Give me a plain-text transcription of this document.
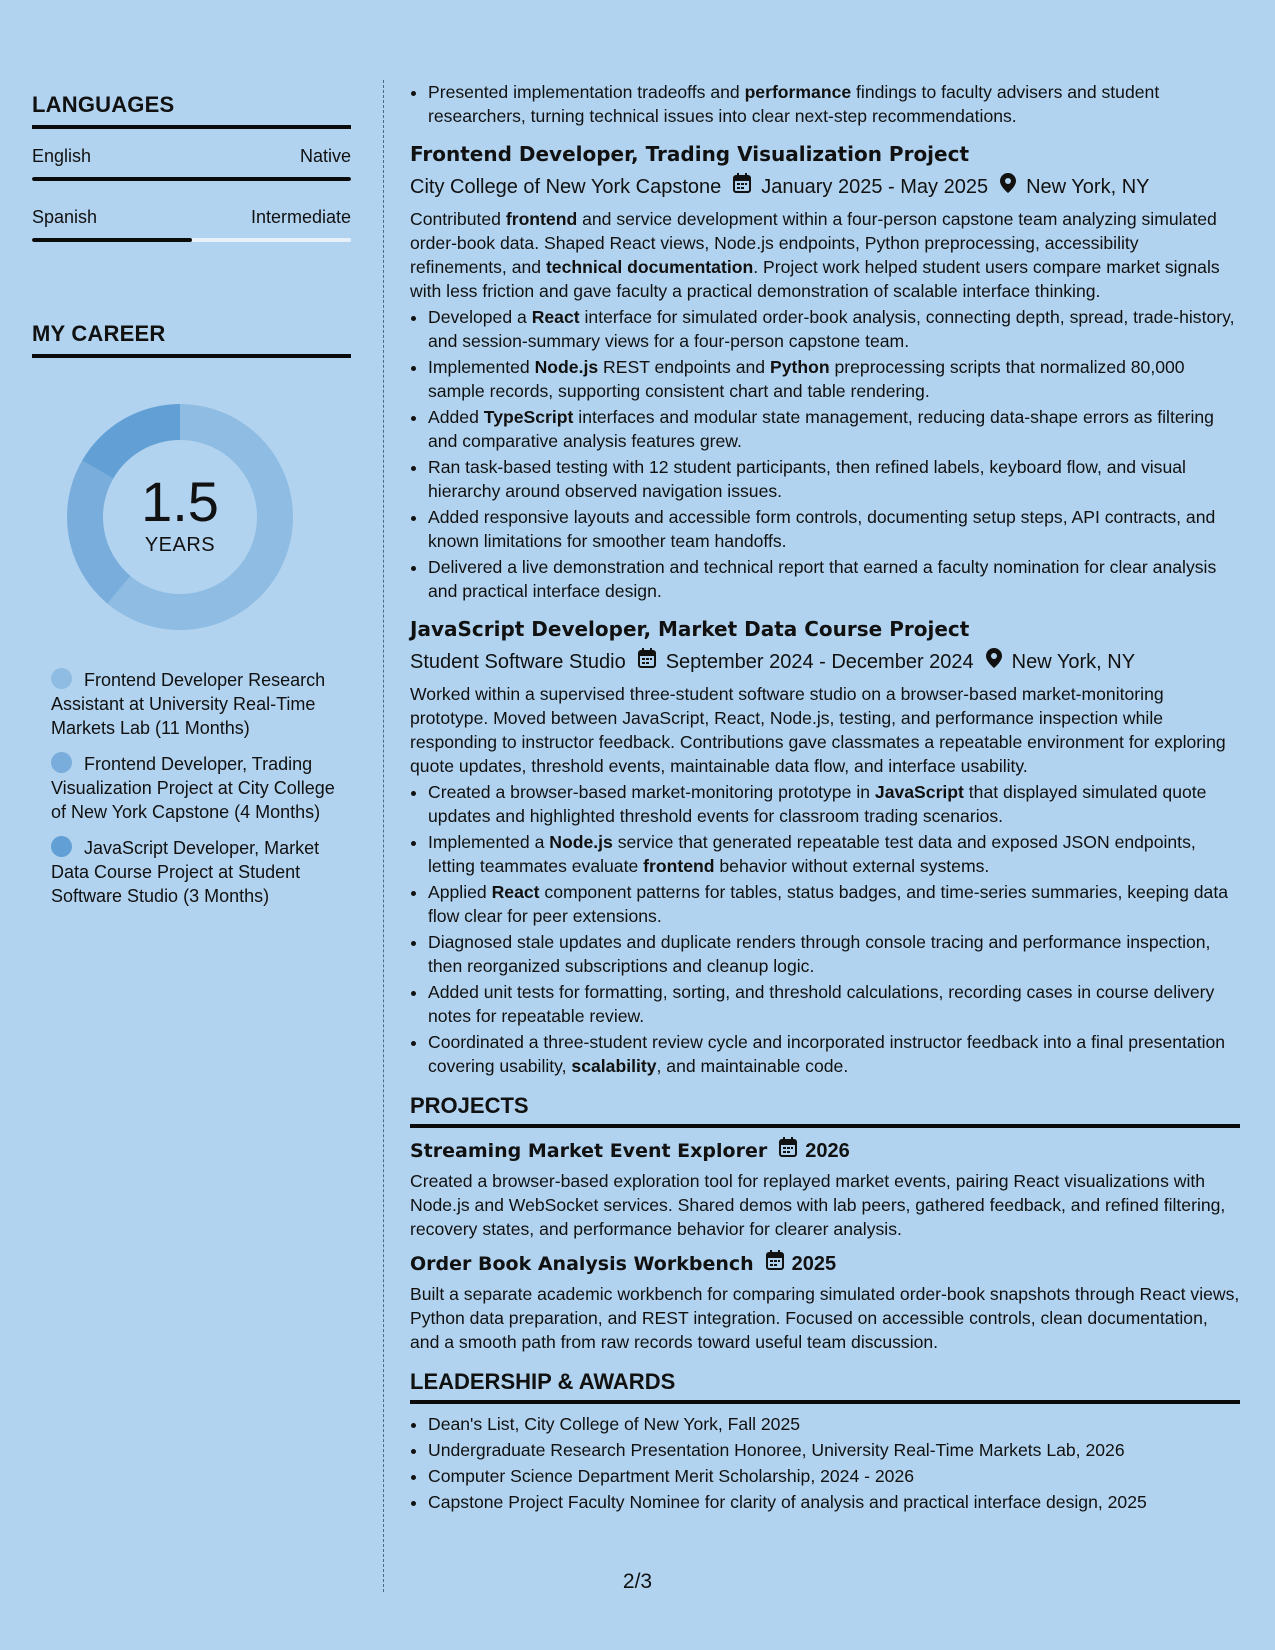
LANGUAGES
English	Native
Spanish	Intermediate
MY CAREER
1.5
YEARS
Frontend Developer Research Assistant at University Real-Time Markets Lab (11 Months)
Frontend Developer, Trading Visualization Project at City College of New York Capstone (4 Months)
JavaScript Developer, Market Data Course Project at Student Software Studio (3 Months)
• Presented implementation tradeoffs and performance findings to faculty advisers and student researchers, turning technical issues into clear next-step recommendations.
Frontend Developer, Trading Visualization Project
City College of New York Capstone January 2025 - May 2025 New York, NY
Contributed frontend and service development within a four-person capstone team analyzing simulated order-book data. Shaped React views, Node.js endpoints, Python preprocessing, accessibility refinements, and technical documentation. Project work helped student users compare market signals with less friction and gave faculty a practical demonstration of scalable interface thinking.
• Developed a React interface for simulated order-book analysis, connecting depth, spread, trade-history, and session-summary views for a four-person capstone team.
• Implemented Node.js REST endpoints and Python preprocessing scripts that normalized 80,000 sample records, supporting consistent chart and table rendering.
• Added TypeScript interfaces and modular state management, reducing data-shape errors as filtering and comparative analysis features grew.
• Ran task-based testing with 12 student participants, then refined labels, keyboard flow, and visual hierarchy around observed navigation issues.
• Added responsive layouts and accessible form controls, documenting setup steps, API contracts, and known limitations for smoother team handoffs.
• Delivered a live demonstration and technical report that earned a faculty nomination for clear analysis and practical interface design.
JavaScript Developer, Market Data Course Project
Student Software Studio September 2024 - December 2024 New York, NY
Worked within a supervised three-student software studio on a browser-based market-monitoring prototype. Moved between JavaScript, React, Node.js, testing, and performance inspection while responding to instructor feedback. Contributions gave classmates a repeatable environment for exploring quote updates, threshold events, maintainable data flow, and interface usability.
• Created a browser-based market-monitoring prototype in JavaScript that displayed simulated quote updates and highlighted threshold events for classroom trading scenarios.
• Implemented a Node.js service that generated repeatable test data and exposed JSON endpoints, letting teammates evaluate frontend behavior without external systems.
• Applied React component patterns for tables, status badges, and time-series summaries, keeping data flow clear for peer extensions.
• Diagnosed stale updates and duplicate renders through console tracing and performance inspection, then reorganized subscriptions and cleanup logic.
• Added unit tests for formatting, sorting, and threshold calculations, recording cases in course delivery notes for repeatable review.
• Coordinated a three-student review cycle and incorporated instructor feedback into a final presentation covering usability, scalability, and maintainable code.
PROJECTS
Streaming Market Event Explorer 2026
Created a browser-based exploration tool for replayed market events, pairing React visualizations with Node.js and WebSocket services. Shared demos with lab peers, gathered feedback, and refined filtering, recovery states, and performance behavior for clearer analysis.
Order Book Analysis Workbench 2025
Built a separate academic workbench for comparing simulated order-book snapshots through React views, Python data preparation, and REST integration. Focused on accessible controls, clean documentation, and a smooth path from raw records toward useful team discussion.
LEADERSHIP & AWARDS
• Dean's List, City College of New York, Fall 2025
• Undergraduate Research Presentation Honoree, University Real-Time Markets Lab, 2026
• Computer Science Department Merit Scholarship, 2024 - 2026
• Capstone Project Faculty Nominee for clarity of analysis and practical interface design, 2025
2/3
